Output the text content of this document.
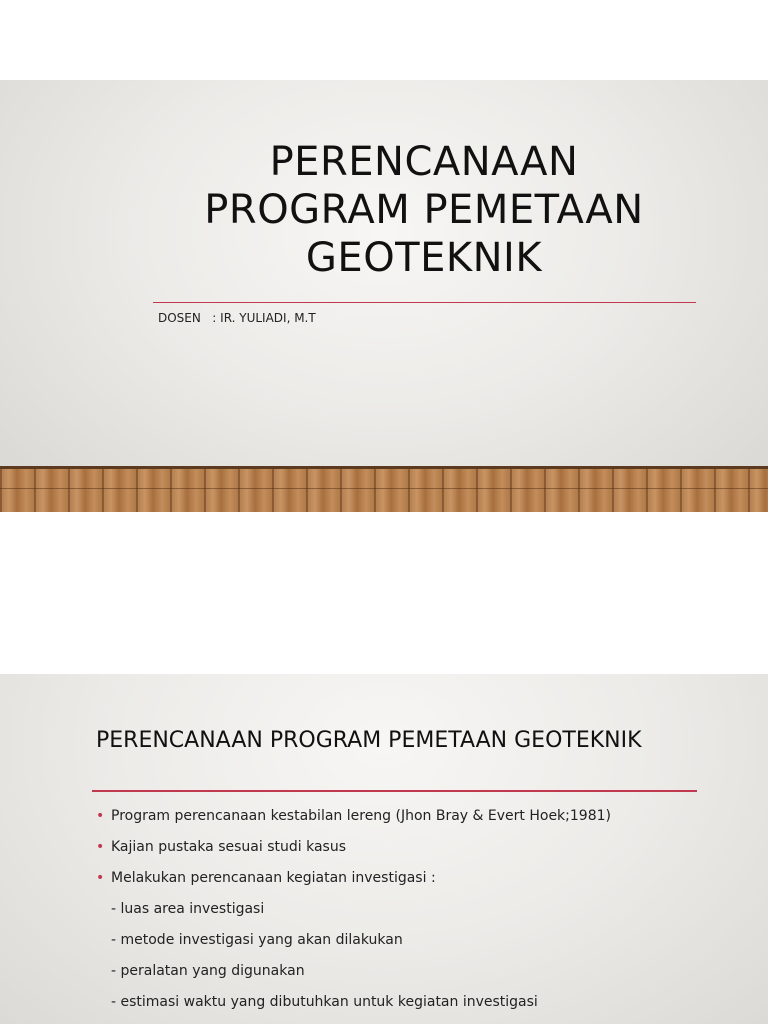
PERENCANAAN
PROGRAM PEMETAAN
GEOTEKNIK
DOSEN   : IR. YULIADI, M.T
PERENCANAAN PROGRAM PEMETAAN GEOTEKNIK
• Program perencanaan kestabilan lereng (Jhon Bray & Evert Hoek;1981)
• Kajian pustaka sesuai studi kasus
• Melakukan perencanaan kegiatan investigasi :
- luas area investigasi
- metode investigasi yang akan dilakukan
- peralatan yang digunakan
- estimasi waktu yang dibutuhkan untuk kegiatan investigasi
